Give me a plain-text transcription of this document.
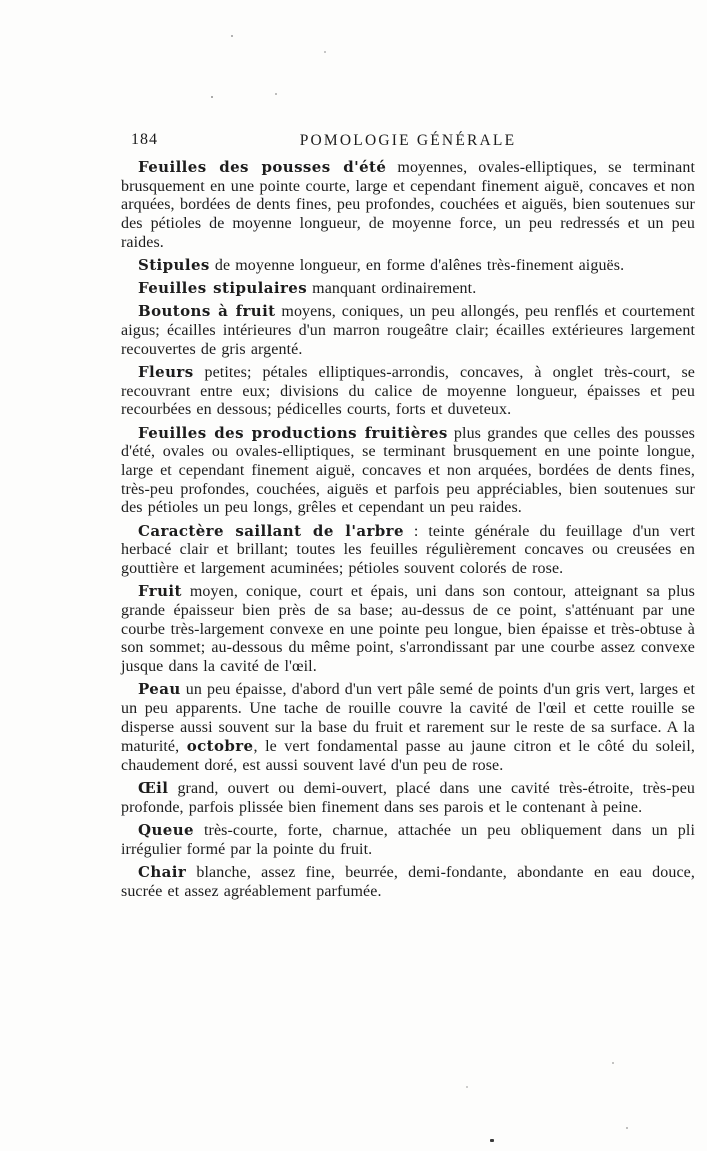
184	POMOLOGIE GÉNÉRALE

Feuilles des pousses d'été moyennes, ovales-elliptiques, se terminant brusquement en une pointe courte, large et cependant finement aiguë, concaves et non arquées, bordées de dents fines, peu profondes, couchées et aiguës, bien soutenues sur des pétioles de moyenne longueur, de moyenne force, un peu redressés et un peu raides.

Stipules de moyenne longueur, en forme d'alênes très-finement aiguës.

Feuilles stipulaires manquant ordinairement.

Boutons à fruit moyens, coniques, un peu allongés, peu renflés et courtement aigus; écailles intérieures d'un marron rougeâtre clair; écailles extérieures largement recouvertes de gris argenté.

Fleurs petites; pétales elliptiques-arrondis, concaves, à onglet très-court, se recouvrant entre eux; divisions du calice de moyenne longueur, épaisses et peu recourbées en dessous; pédicelles courts, forts et duveteux.

Feuilles des productions fruitières plus grandes que celles des pousses d'été, ovales ou ovales-elliptiques, se terminant brusquement en une pointe longue, large et cependant finement aiguë, concaves et non arquées, bordées de dents fines, très-peu profondes, couchées, aiguës et parfois peu appréciables, bien soutenues sur des pétioles un peu longs, grêles et cependant un peu raides.

Caractère saillant de l'arbre : teinte générale du feuillage d'un vert herbacé clair et brillant; toutes les feuilles régulièrement concaves ou creusées en gouttière et largement acuminées; pétioles souvent colorés de rose.

Fruit moyen, conique, court et épais, uni dans son contour, atteignant sa plus grande épaisseur bien près de sa base; au-dessus de ce point, s'atténuant par une courbe très-largement convexe en une pointe peu longue, bien épaisse et très-obtuse à son sommet; au-dessous du même point, s'arrondissant par une courbe assez convexe jusque dans la cavité de l'œil.

Peau un peu épaisse, d'abord d'un vert pâle semé de points d'un gris vert, larges et un peu apparents. Une tache de rouille couvre la cavité de l'œil et cette rouille se disperse aussi souvent sur la base du fruit et rarement sur le reste de sa surface. A la maturité, octobre, le vert fondamental passe au jaune citron et le côté du soleil, chaudement doré, est aussi souvent lavé d'un peu de rose.

Œil grand, ouvert ou demi-ouvert, placé dans une cavité très-étroite, très-peu profonde, parfois plissée bien finement dans ses parois et le contenant à peine.

Queue très-courte, forte, charnue, attachée un peu obliquement dans un pli irrégulier formé par la pointe du fruit.

Chair blanche, assez fine, beurrée, demi-fondante, abondante en eau douce, sucrée et assez agréablement parfumée.
